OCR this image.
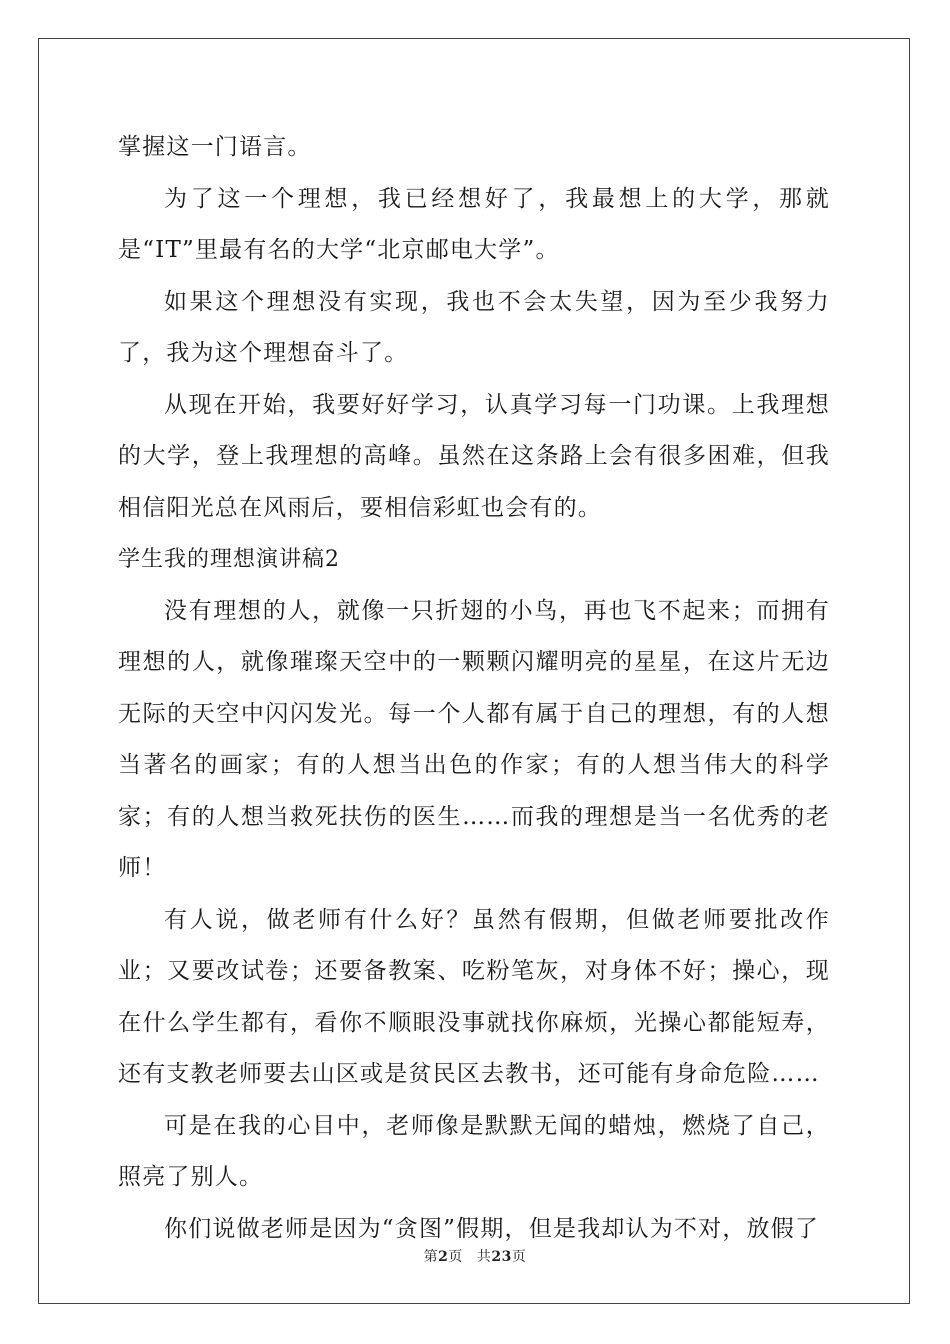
掌握这一门语言。

为了这一个理想，我已经想好了，我最想上的大学，那就是“IT”里最有名的大学“北京邮电大学”。

如果这个理想没有实现，我也不会太失望，因为至少我努力了，我为这个理想奋斗了。

从现在开始，我要好好学习，认真学习每一门功课。上我理想的大学，登上我理想的高峰。虽然在这条路上会有很多困难，但我相信阳光总在风雨后，要相信彩虹也会有的。

学生我的理想演讲稿2

没有理想的人，就像一只折翅的小鸟，再也飞不起来；而拥有理想的人，就像璀璨天空中的一颗颗闪耀明亮的星星，在这片无边无际的天空中闪闪发光。每一个人都有属于自己的理想，有的人想当著名的画家；有的人想当出色的作家；有的人想当伟大的科学家；有的人想当救死扶伤的医生……而我的理想是当一名优秀的老师！

有人说，做老师有什么好？虽然有假期，但做老师要批改作业；又要改试卷；还要备教案、吃粉笔灰，对身体不好；操心，现在什么学生都有，看你不顺眼没事就找你麻烦，光操心都能短寿，还有支教老师要去山区或是贫民区去教书，还可能有身命危险……

可是在我的心目中，老师像是默默无闻的蜡烛，燃烧了自己，照亮了别人。

你们说做老师是因为“贪图”假期，但是我却认为不对，放假了

第2页 共23页
